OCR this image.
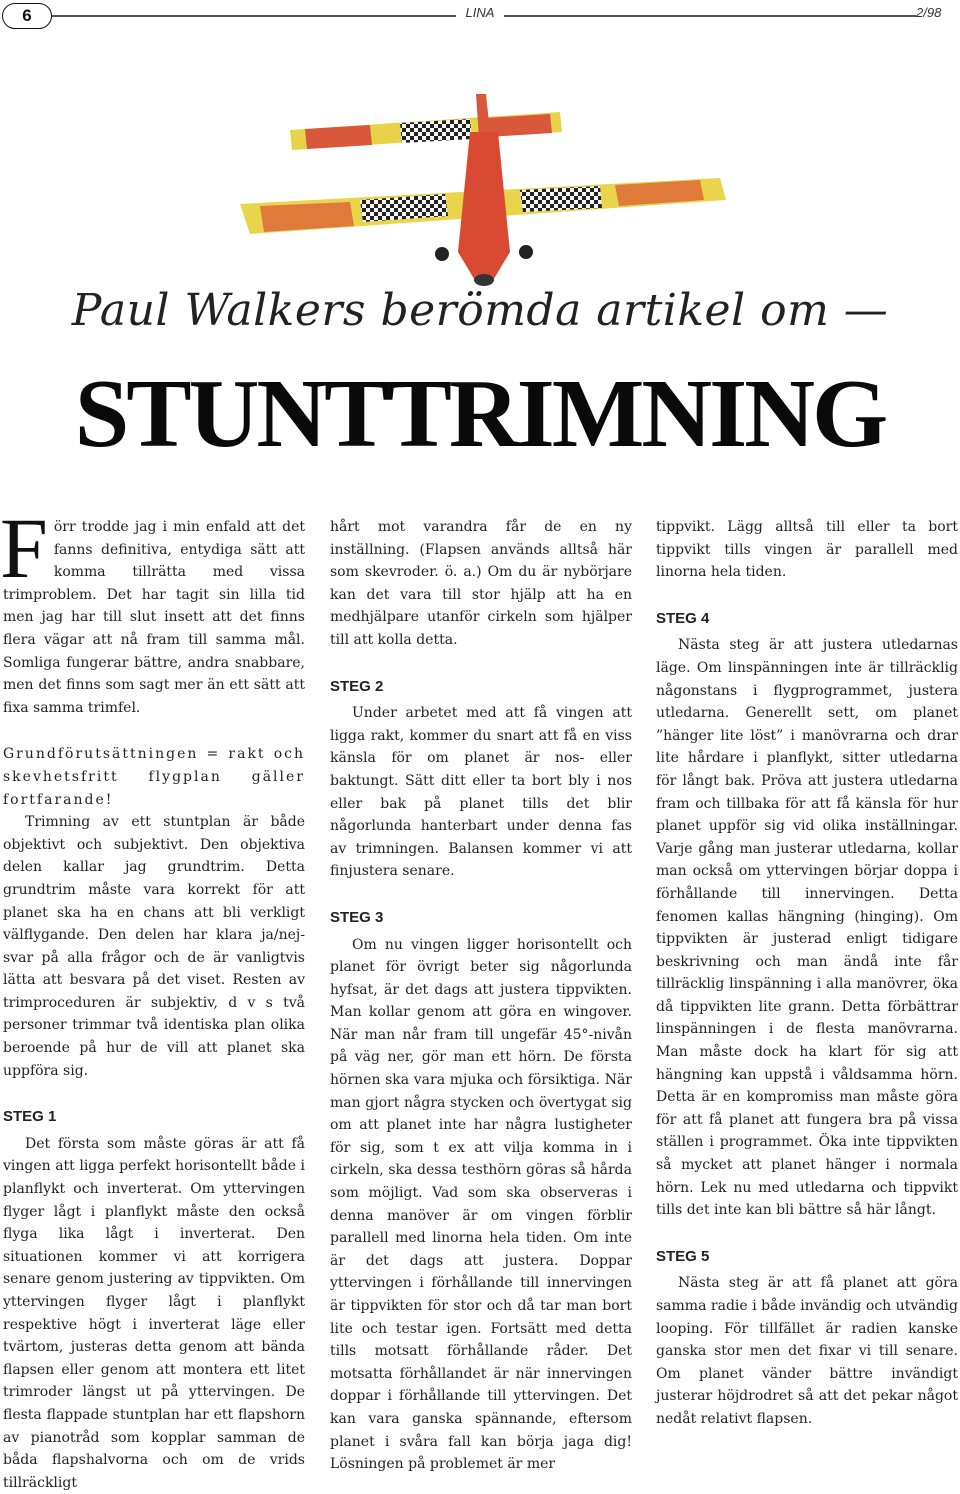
6	LINA	2/98
Paul Walkers berömda artikel om —
STUNTTRIMNING

Förr trodde jag i min enfald att det fanns definitiva, entydiga sätt att komma tillrätta med vissa trimproblem. Det har tagit sin lilla tid men jag har till slut insett att det finns flera vägar att nå fram till samma mål. Somliga fungerar bättre, andra snabbare, men det finns som sagt mer än ett sätt att fixa samma trimfel.

Grundförutsättningen = rakt och skevhetsfritt flygplan gäller fortfarande!

Trimning av ett stuntplan är både objektivt och subjektivt. Den objektiva delen kallar jag grundtrim. Detta grundtrim måste vara korrekt för att planet ska ha en chans att bli verkligt välflygande. Den delen har klara ja/nej-svar på alla frågor och de är vanligtvis lätta att besvara på det viset. Resten av trimproceduren är subjektiv, d v s två personer trimmar två identiska plan olika beroende på hur de vill att planet ska uppföra sig.

STEG 1

Det första som måste göras är att få vingen att ligga perfekt horisontellt både i planflykt och inverterat. Om yttervingen flyger lågt i planflykt måste den också flyga lika lågt i inverterat. Den situationen kommer vi att korrigera senare genom justering av tippvikten. Om yttervingen flyger lågt i planflykt respektive högt i inverterat läge eller tvärtom, justeras detta genom att bända flapsen eller genom att montera ett litet trimroder längst ut på yttervingen. De flesta flappade stuntplan har ett flapshorn av pianotråd som kopplar samman de båda flapshalvorna och om de vrids tillräckligt

hårt mot varandra får de en ny inställning. (Flapsen används alltså här som skevroder. ö. a.) Om du är nybörjare kan det vara till stor hjälp att ha en medhjälpare utanför cirkeln som hjälper till att kolla detta.

STEG 2

Under arbetet med att få vingen att ligga rakt, kommer du snart att få en viss känsla för om planet är nos- eller baktungt. Sätt ditt eller ta bort bly i nos eller bak på planet tills det blir någorlunda hanterbart under denna fas av trimningen. Balansen kommer vi att finjustera senare.

STEG 3

Om nu vingen ligger horisontellt och planet för övrigt beter sig någorlunda hyfsat, är det dags att justera tippvikten. Man kollar genom att göra en wingover. När man når fram till ungefär 45°-nivån på väg ner, gör man ett hörn. De första hörnen ska vara mjuka och försiktiga. När man gjort några stycken och övertygat sig om att planet inte har några lustigheter för sig, som t ex att vilja komma in i cirkeln, ska dessa testhörn göras så hårda som möjligt. Vad som ska observeras i denna manöver är om vingen förblir parallell med linorna hela tiden. Om inte är det dags att justera. Doppar yttervingen i förhållande till innervingen är tippvikten för stor och då tar man bort lite och testar igen. Fortsätt med detta tills motsatt förhållande råder. Det motsatta förhållandet är när innervingen doppar i förhållande till yttervingen. Det kan vara ganska spännande, eftersom planet i svåra fall kan börja jaga dig! Lösningen på problemet är mer

tippvikt. Lägg alltså till eller ta bort tippvikt tills vingen är parallell med linorna hela tiden.

STEG 4

Nästa steg är att justera utledarnas läge. Om linspänningen inte är tillräcklig någonstans i flygprogrammet, justera utledarna. Generellt sett, om planet ”hänger lite löst” i manövrarna och drar lite hårdare i planflykt, sitter utledarna för långt bak. Pröva att justera utledarna fram och tillbaka för att få känsla för hur planet uppför sig vid olika inställningar. Varje gång man justerar utledarna, kollar man också om yttervingen börjar doppa i förhållande till innervingen. Detta fenomen kallas hängning (hinging). Om tippvikten är justerad enligt tidigare beskrivning och man ändå inte får tillräcklig linspänning i alla manövrer, öka då tippvikten lite grann. Detta förbättrar linspänningen i de flesta manövrarna. Man måste dock ha klart för sig att hängning kan uppstå i våldsamma hörn. Detta är en kompromiss man måste göra för att få planet att fungera bra på vissa ställen i programmet. Öka inte tippvikten så mycket att planet hänger i normala hörn. Lek nu med utledarna och tippvikt tills det inte kan bli bättre så här långt.

STEG 5

Nästa steg är att få planet att göra samma radie i både invändig och utvändig looping. För tillfället är radien kanske ganska stor men det fixar vi till senare. Om planet vänder bättre invändigt justerar höjdrodret så att det pekar något nedåt relativt flapsen.
